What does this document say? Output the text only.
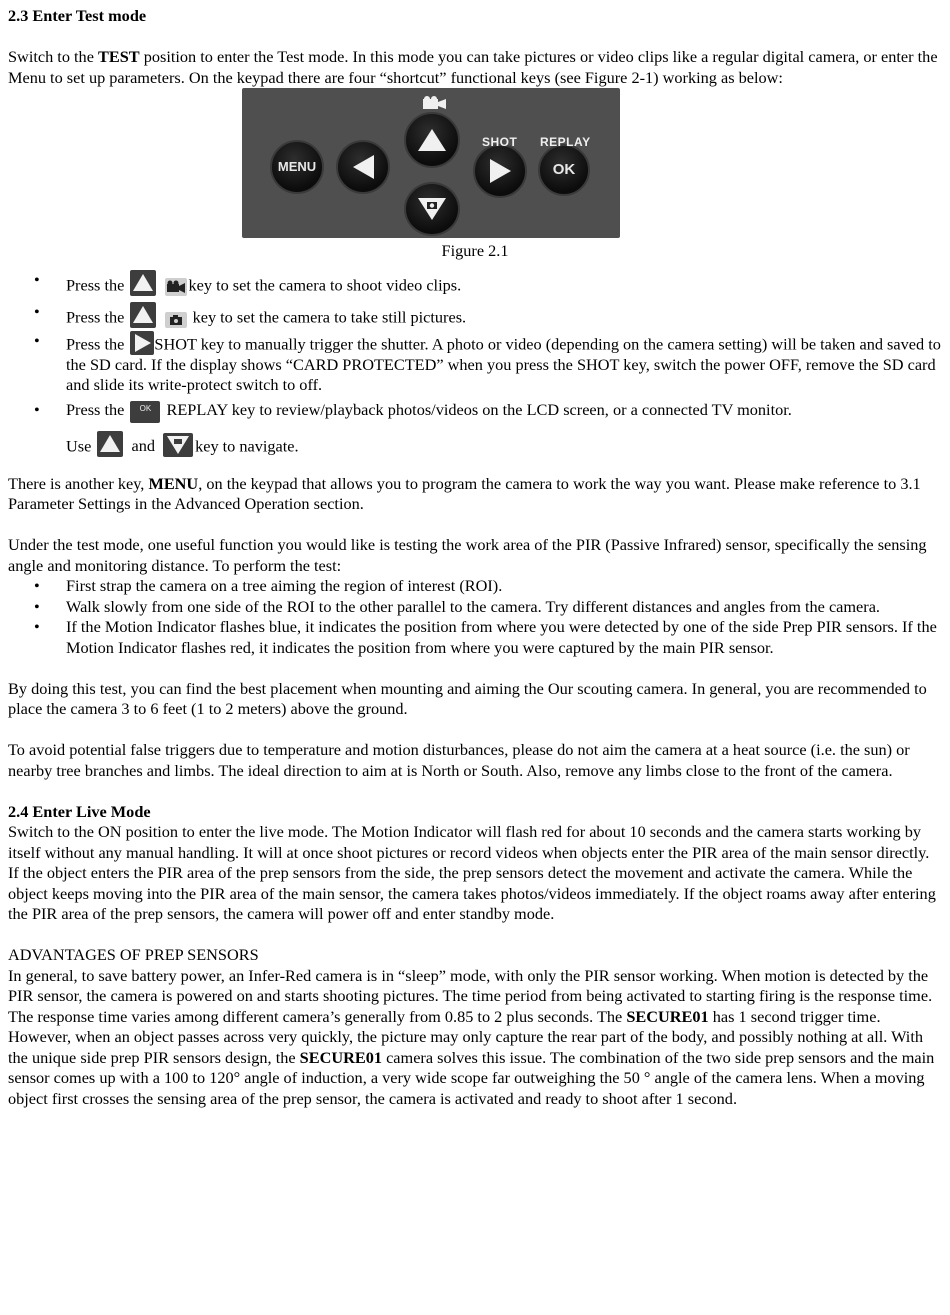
2.3 Enter Test mode

Switch to the TEST position to enter the Test mode. In this mode you can take pictures or video clips like a regular digital camera, or enter the Menu to set up parameters. On the keypad there are four “shortcut” functional keys (see Figure 2-1) working as below:

MENU
SHOT
OK
REPLAY

Figure 2.1

• Press the	key to set the camera to shoot video clips.
• Press the	key to set the camera to take still pictures.
• Press the SHOT key to manually trigger the shutter. A photo or video (depending on the camera setting) will be taken and saved to the SD card. If the display shows “CARD PROTECTED” when you press the SHOT key, switch the power OFF, remove the SD card and slide its write-protect switch to off.
• Press the OK REPLAY key to review/playback photos/videos on the LCD screen, or a connected TV monitor.
Use and key to navigate.

There is another key, MENU, on the keypad that allows you to program the camera to work the way you want. Please make reference to 3.1 Parameter Settings in the Advanced Operation section.

Under the test mode, one useful function you would like is testing the work area of the PIR (Passive Infrared) sensor, specifically the sensing angle and monitoring distance. To perform the test:

• First strap the camera on a tree aiming the region of interest (ROI).
• Walk slowly from one side of the ROI to the other parallel to the camera. Try different distances and angles from the camera.
• If the Motion Indicator flashes blue, it indicates the position from where you were detected by one of the side Prep PIR sensors. If the Motion Indicator flashes red, it indicates the position from where you were captured by the main PIR sensor.

By doing this test, you can find the best placement when mounting and aiming the Our scouting camera. In general, you are recommended to place the camera 3 to 6 feet (1 to 2 meters) above the ground.

To avoid potential false triggers due to temperature and motion disturbances, please do not aim the camera at a heat source (i.e. the sun) or nearby tree branches and limbs. The ideal direction to aim at is North or South. Also, remove any limbs close to the front of the camera.

2.4 Enter Live Mode

Switch to the ON position to enter the live mode. The Motion Indicator will flash red for about 10 seconds and the camera starts working by itself without any manual handling. It will at once shoot pictures or record videos when objects enter the PIR area of the main sensor directly. If the object enters the PIR area of the prep sensors from the side, the prep sensors detect the movement and activate the camera. While the object keeps moving into the PIR area of the main sensor, the camera takes photos/videos immediately. If the object roams away after entering the PIR area of the prep sensors, the camera will power off and enter standby mode.

ADVANTAGES OF PREP SENSORS

In general, to save battery power, an Infer-Red camera is in “sleep” mode, with only the PIR sensor working. When motion is detected by the PIR sensor, the camera is powered on and starts shooting pictures. The time period from being activated to starting firing is the response time. The response time varies among different camera’s generally from 0.85 to 2 plus seconds. The SECURE01 has 1 second trigger time. However, when an object passes across very quickly, the picture may only capture the rear part of the body, and possibly nothing at all. With the unique side prep PIR sensors design, the SECURE01 camera solves this issue. The combination of the two side prep sensors and the main sensor comes up with a 100 to 120° angle of induction, a very wide scope far outweighing the 50 ° angle of the camera lens. When a moving object first crosses the sensing area of the prep sensor, the camera is activated and ready to shoot after 1 second.
